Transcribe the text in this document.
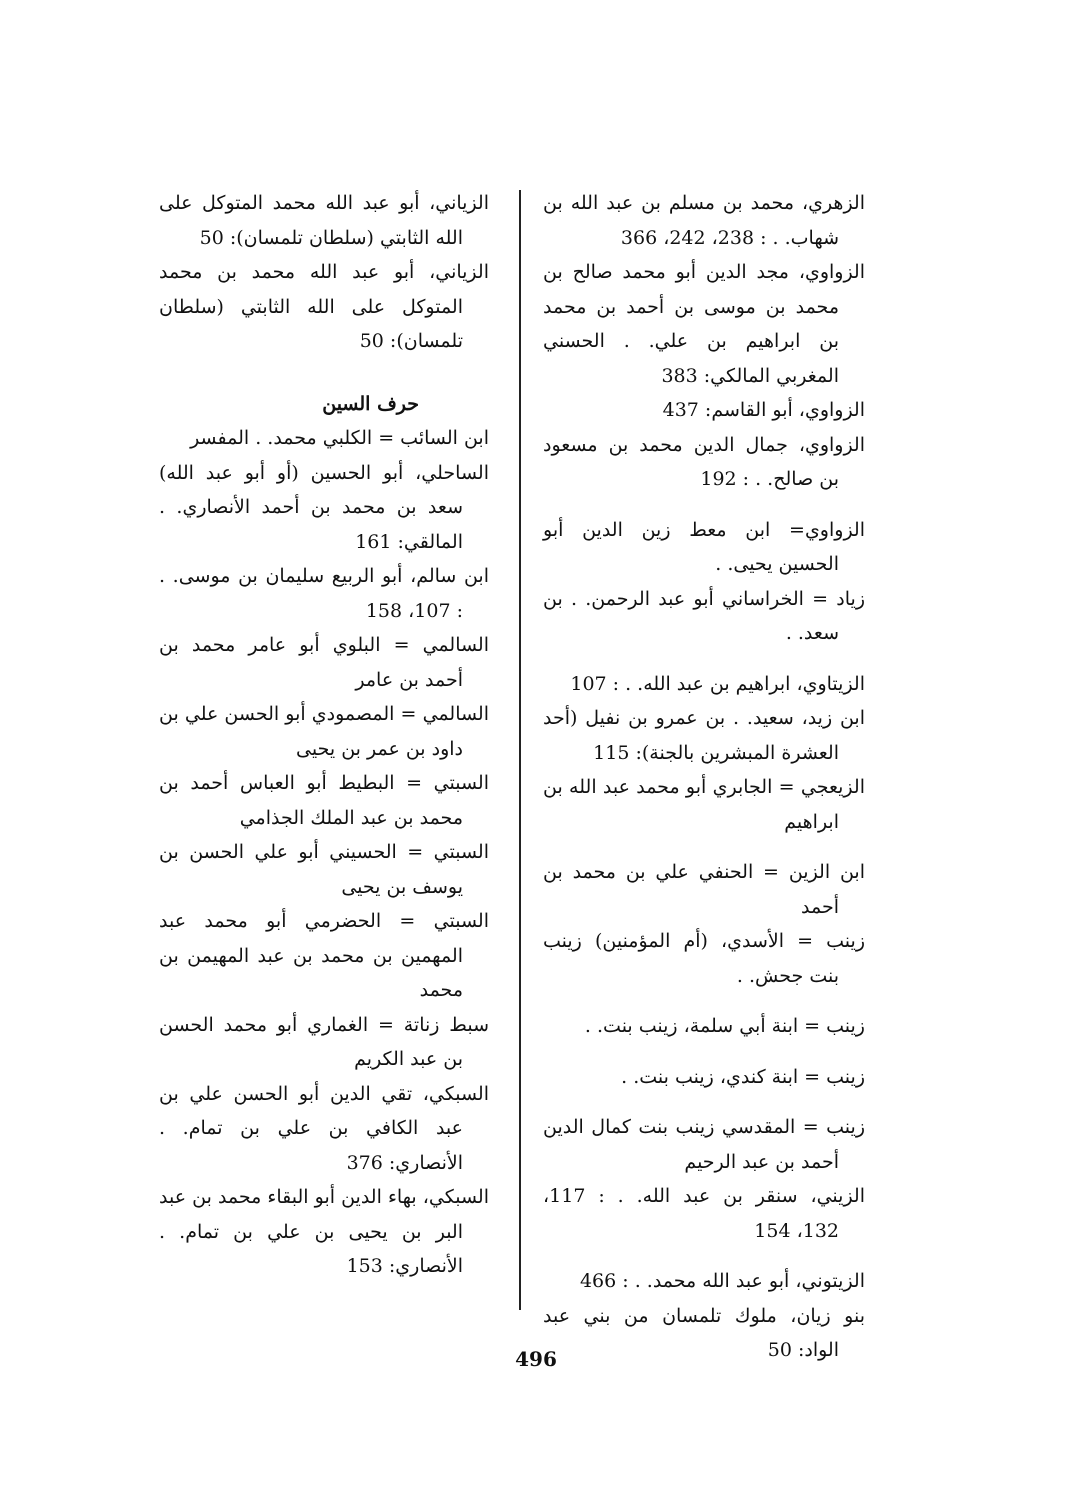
الزهري، محمد بن مسلم بن عبد الله بن شهاب. . : 238، 242، 366
الزواوي، مجد الدين أبو محمد صالح بن محمد بن موسى بن أحمد بن محمد بن ابراهيم بن علي. . الحسني المغربي المالكي: 383
الزواوي، أبو القاسم: 437
الزواوي، جمال الدين محمد بن مسعود بن صالح. . : 192
الزواوي= ابن معط زين الدين أبو الحسين يحيى. .
زياد = الخراساني أبو عبد الرحمن. . بن سعد. .
الزيتاوي، ابراهيم بن عبد الله. . : 107
ابن زيد، سعيد. . بن عمرو بن نفيل (أحد العشرة المبشرين بالجنة): 115
الزيعجي = الجابري أبو محمد عبد الله بن ابراهيم
ابن الزين = الحنفي علي بن محمد بن أحمد
زينب = الأسدي، (أم المؤمنين) زينب بنت جحش. .
زينب = ابنة أبي سلمة، زينب بنت. .
زينب = ابنة كندي، زينب بنت. .
زينب = المقدسي زينب بنت كمال الدين أحمد بن عبد الرحيم
الزيني، سنقر بن عبد الله. . : 117، 132، 154
الزيتوني، أبو عبد الله محمد. . : 466
بنو زيان، ملوك تلمسان من بني عبد الواد: 50
الزياني، أبو عبد الله محمد المتوكل على الله الثابتي (سلطان تلمسان): 50
الزياني، أبو عبد الله محمد بن محمد المتوكل على الله الثابتي (سلطان تلمسان): 50
حرف السين
ابن السائب = الكلبي محمد. . المفسر
الساحلي، أبو الحسين (أو أبو عبد الله) سعد بن محمد بن أحمد الأنصاري. . المالقي: 161
ابن سالم، أبو الربيع سليمان بن موسى. . : 107، 158
السالمي = البلوي أبو عامر محمد بن أحمد بن عامر
السالمي = المصمودي أبو الحسن علي بن داود بن عمر بن يحيى
السبتي = البطيط أبو العباس أحمد بن محمد بن عبد الملك الجذامي
السبتي = الحسيني أبو علي الحسن بن يوسف بن يحيى
السبتي = الحضرمي أبو محمد عبد المهمين بن محمد بن عبد المهيمن بن محمد
سبط زناتة = الغماري أبو محمد الحسن بن عبد الكريم
السبكي، تقي الدين أبو الحسن علي بن عبد الكافي بن علي بن تمام. . الأنصاري: 376
السبكي، بهاء الدين أبو البقاء محمد بن عبد البر بن يحيى بن علي بن تمام. . الأنصاري: 153
496
